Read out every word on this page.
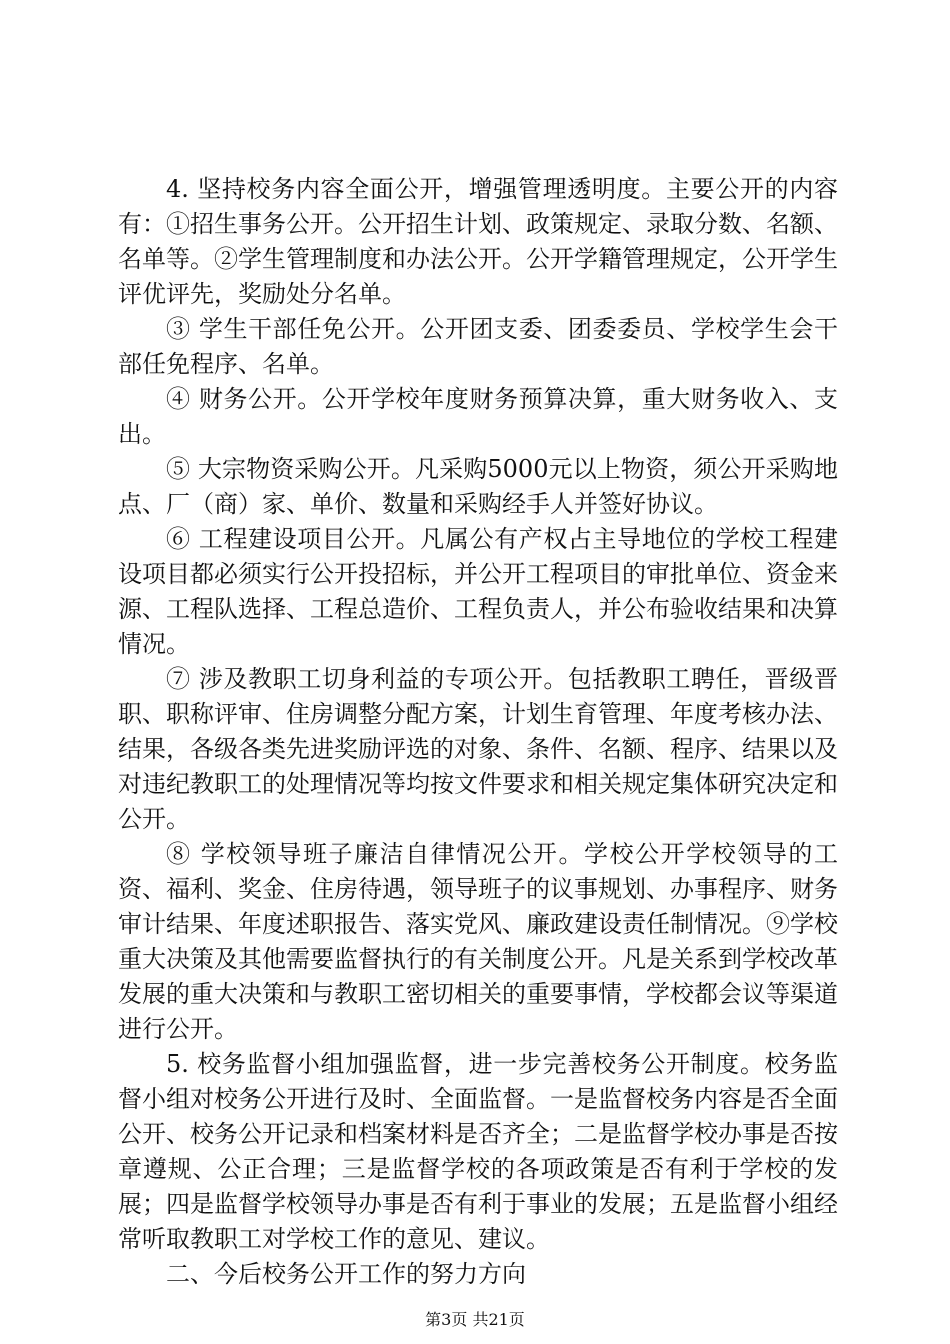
4. 坚持校务内容全面公开，增强管理透明度。主要公开的内容有：①招生事务公开。公开招生计划、政策规定、录取分数、名额、名单等。②学生管理制度和办法公开。公开学籍管理规定，公开学生评优评先，奖励处分名单。

③ 学生干部任免公开。公开团支委、团委委员、学校学生会干部任免程序、名单。

④ 财务公开。公开学校年度财务预算决算，重大财务收入、支出。

⑤ 大宗物资采购公开。凡采购5000元以上物资，须公开采购地点、厂（商）家、单价、数量和采购经手人并签好协议。

⑥ 工程建设项目公开。凡属公有产权占主导地位的学校工程建设项目都必须实行公开投招标，并公开工程项目的审批单位、资金来源、工程队选择、工程总造价、工程负责人，并公布验收结果和决算情况。

⑦ 涉及教职工切身利益的专项公开。包括教职工聘任，晋级晋职、职称评审、住房调整分配方案，计划生育管理、年度考核办法、结果，各级各类先进奖励评选的对象、条件、名额、程序、结果以及对违纪教职工的处理情况等均按文件要求和相关规定集体研究决定和公开。

⑧ 学校领导班子廉洁自律情况公开。学校公开学校领导的工资、福利、奖金、住房待遇，领导班子的议事规划、办事程序、财务审计结果、年度述职报告、落实党风、廉政建设责任制情况。⑨学校重大决策及其他需要监督执行的有关制度公开。凡是关系到学校改革发展的重大决策和与教职工密切相关的重要事情，学校都会议等渠道进行公开。

5. 校务监督小组加强监督，进一步完善校务公开制度。校务监督小组对校务公开进行及时、全面监督。一是监督校务内容是否全面公开、校务公开记录和档案材料是否齐全；二是监督学校办事是否按章遵规、公正合理；三是监督学校的各项政策是否有利于学校的发展；四是监督学校领导办事是否有利于事业的发展；五是监督小组经常听取教职工对学校工作的意见、建议。

二、今后校务公开工作的努力方向

第3页 共21页
